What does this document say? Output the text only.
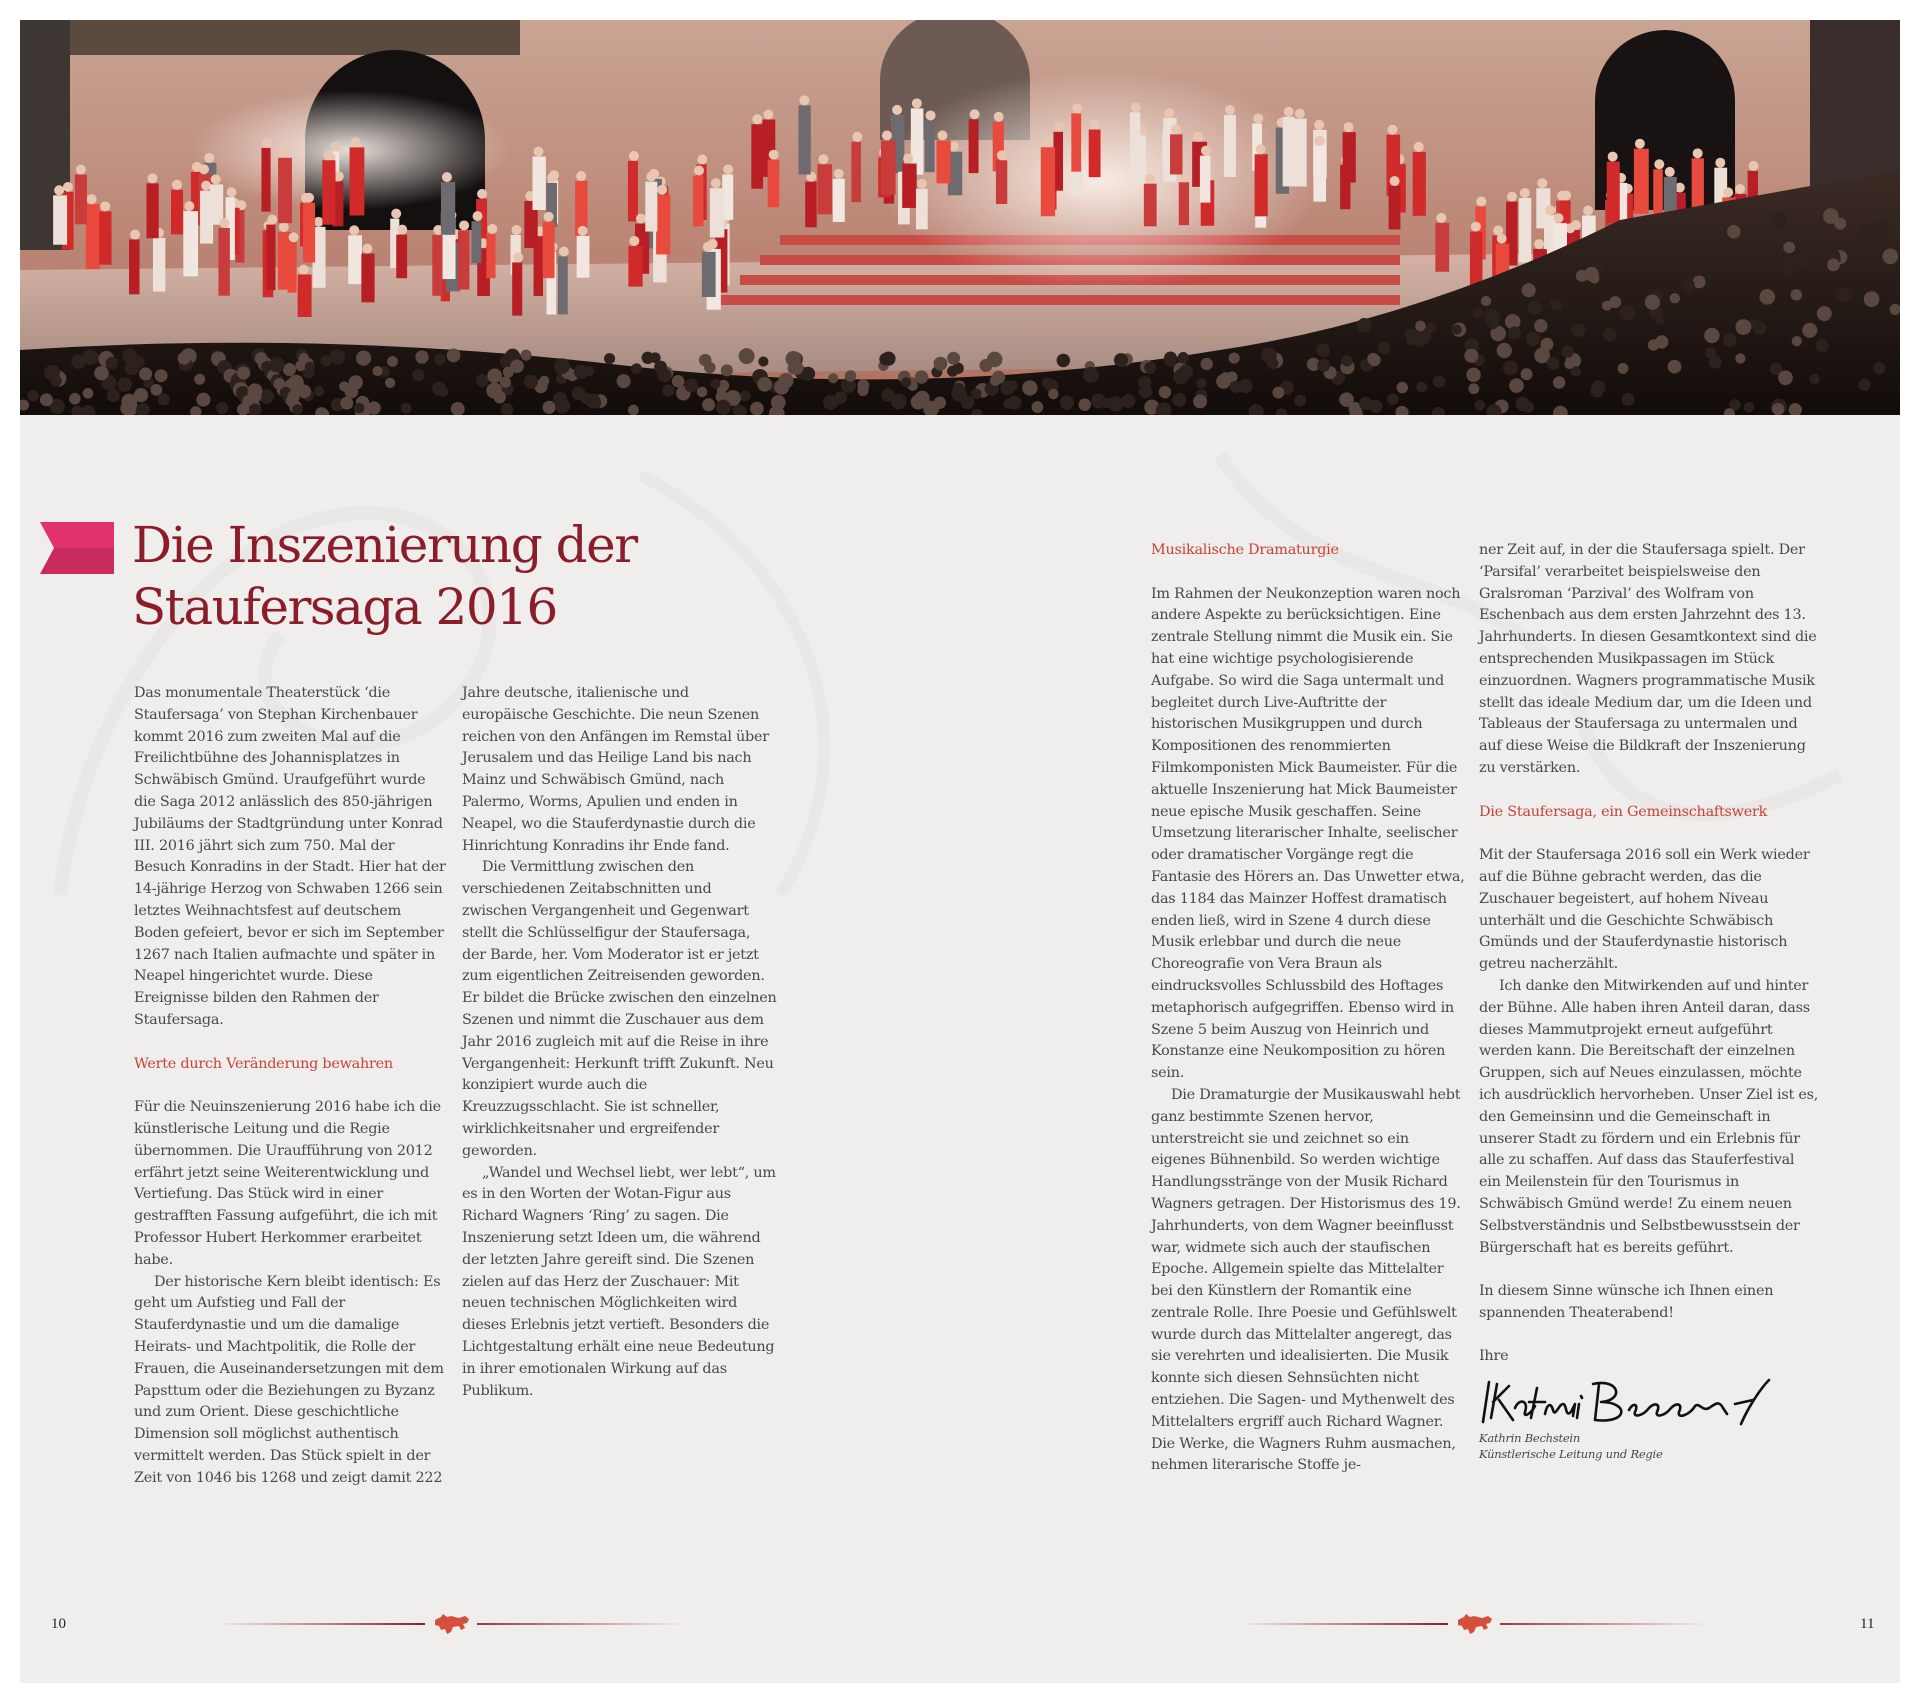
Die Inszenierung der
Staufersaga 2016

Das monumentale Theaterstück ‘die Staufersaga’ von Stephan Kirchenbauer kommt 2016 zum zweiten Mal auf die Freilichtbühne des Johannisplatzes in Schwäbisch Gmünd. Uraufgeführt wurde die Saga 2012 anlässlich des 850-jährigen Jubiläums der Stadtgründung unter Konrad III. 2016 jährt sich zum 750. Mal der Besuch Konradins in der Stadt. Hier hat der 14-jährige Herzog von Schwaben 1266 sein letztes Weihnachtsfest auf deutschem Boden gefeiert, bevor er sich im September 1267 nach Italien aufmachte und später in Neapel hingerichtet wurde. Diese Ereignisse bilden den Rahmen der Staufersaga.

Werte durch Veränderung bewahren

Für die Neuinszenierung 2016 habe ich die künstlerische Leitung und die Regie übernommen. Die Uraufführung von 2012 erfährt jetzt seine Weiterentwicklung und Vertiefung. Das Stück wird in einer gestrafften Fassung aufgeführt, die ich mit Professor Hubert Herkommer erarbeitet habe.

Der historische Kern bleibt identisch: Es geht um Aufstieg und Fall der Stauferdynastie und um die damalige Heirats- und Machtpolitik, die Rolle der Frauen, die Auseinandersetzungen mit dem Papsttum oder die Beziehungen zu Byzanz und zum Orient. Diese geschichtliche Dimension soll möglichst authentisch vermittelt werden. Das Stück spielt in der Zeit von 1046 bis 1268 und zeigt damit 222

Jahre deutsche, italienische und europäische Geschichte. Die neun Szenen reichen von den Anfängen im Remstal über Jerusalem und das Heilige Land bis nach Mainz und Schwäbisch Gmünd, nach Palermo, Worms, Apulien und enden in Neapel, wo die Stauferdynastie durch die Hinrichtung Konradins ihr Ende fand.

Die Vermittlung zwischen den verschiedenen Zeitabschnitten und zwischen Vergangenheit und Gegenwart stellt die Schlüsselfigur der Staufersaga, der Barde, her. Vom Moderator ist er jetzt zum eigentlichen Zeitreisenden geworden. Er bildet die Brücke zwischen den einzelnen Szenen und nimmt die Zuschauer aus dem Jahr 2016 zugleich mit auf die Reise in ihre Vergangenheit: Herkunft trifft Zukunft. Neu konzipiert wurde auch die Kreuzzugsschlacht. Sie ist schneller, wirklichkeitsnaher und ergreifender geworden.

„Wandel und Wechsel liebt, wer lebt“, um es in den Worten der Wotan-Figur aus Richard Wagners ‘Ring’ zu sagen. Die Inszenierung setzt Ideen um, die während der letzten Jahre gereift sind. Die Szenen zielen auf das Herz der Zuschauer: Mit neuen technischen Möglichkeiten wird dieses Erlebnis jetzt vertieft. Besonders die Lichtgestaltung erhält eine neue Bedeutung in ihrer emotionalen Wirkung auf das Publikum.

Musikalische Dramaturgie

Im Rahmen der Neukonzeption waren noch andere Aspekte zu berücksichtigen. Eine zentrale Stellung nimmt die Musik ein. Sie hat eine wichtige psychologisierende Aufgabe. So wird die Saga untermalt und begleitet durch Live-Auftritte der historischen Musikgruppen und durch Kompositionen des renommierten Filmkomponisten Mick Baumeister. Für die aktuelle Inszenierung hat Mick Baumeister neue epische Musik geschaffen. Seine Umsetzung literarischer Inhalte, seelischer oder dramatischer Vorgänge regt die Fantasie des Hörers an. Das Unwetter etwa, das 1184 das Mainzer Hoffest dramatisch enden ließ, wird in Szene 4 durch diese Musik erlebbar und durch die neue Choreografie von Vera Braun als eindrucksvolles Schlussbild des Hoftages metaphorisch aufgegriffen. Ebenso wird in Szene 5 beim Auszug von Heinrich und Konstanze eine Neukomposition zu hören sein.

Die Dramaturgie der Musikauswahl hebt ganz bestimmte Szenen hervor, unterstreicht sie und zeichnet so ein eigenes Bühnenbild. So werden wichtige Handlungsstränge von der Musik Richard Wagners getragen. Der Historismus des 19. Jahrhunderts, von dem Wagner beeinflusst war, widmete sich auch der staufischen Epoche. Allgemein spielte das Mittelalter bei den Künstlern der Romantik eine zentrale Rolle. Ihre Poesie und Gefühlswelt wurde durch das Mittelalter angeregt, das sie verehrten und idealisierten. Die Musik konnte sich diesen Sehnsüchten nicht entziehen. Die Sagen- und Mythenwelt des Mittelalters ergriff auch Richard Wagner. Die Werke, die Wagners Ruhm ausmachen, nehmen literarische Stoffe je-

ner Zeit auf, in der die Staufersaga spielt. Der ‘Parsifal’ verarbeitet beispielsweise den Gralsroman ‘Parzival’ des Wolfram von Eschenbach aus dem ersten Jahrzehnt des 13. Jahrhunderts. In diesen Gesamtkontext sind die entsprechenden Musikpassagen im Stück einzuordnen. Wagners programmatische Musik stellt das ideale Medium dar, um die Ideen und Tableaus der Staufersaga zu untermalen und auf diese Weise die Bildkraft der Inszenierung zu verstärken.

Die Staufersaga, ein Gemeinschaftswerk

Mit der Staufersaga 2016 soll ein Werk wieder auf die Bühne gebracht werden, das die Zuschauer begeistert, auf hohem Niveau unterhält und die Geschichte Schwäbisch Gmünds und der Stauferdynastie historisch getreu nacherzählt.

Ich danke den Mitwirkenden auf und hinter der Bühne. Alle haben ihren Anteil daran, dass dieses Mammutprojekt erneut aufgeführt werden kann. Die Bereitschaft der einzelnen Gruppen, sich auf Neues einzulassen, möchte ich ausdrücklich hervorheben. Unser Ziel ist es, den Gemeinsinn und die Gemeinschaft in unserer Stadt zu fördern und ein Erlebnis für alle zu schaffen. Auf dass das Stauferfestival ein Meilenstein für den Tourismus in Schwäbisch Gmünd werde! Zu einem neuen Selbstverständnis und Selbstbewusstsein der Bürgerschaft hat es bereits geführt.

In diesem Sinne wünsche ich Ihnen einen spannenden Theaterabend!

Ihre

Kathrin Bechstein

Künstlerische Leitung und Regie

10	11
